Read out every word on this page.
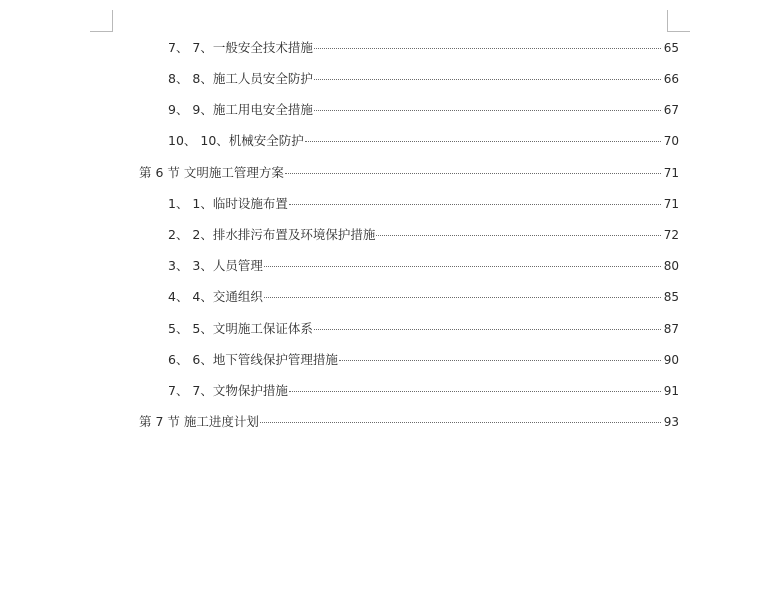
7、 7、一般安全技术措施	65
8、 8、施工人员安全防护	66
9、 9、施工用电安全措施	67
10、 10、机械安全防护	70
第 6 节 文明施工管理方案	71
1、 1、临时设施布置	71
2、 2、排水排污布置及环境保护措施	72
3、 3、人员管理	80
4、 4、交通组织	85
5、 5、文明施工保证体系	87
6、 6、地下管线保护管理措施	90
7、 7、文物保护措施	91
第 7 节 施工进度计划	93
